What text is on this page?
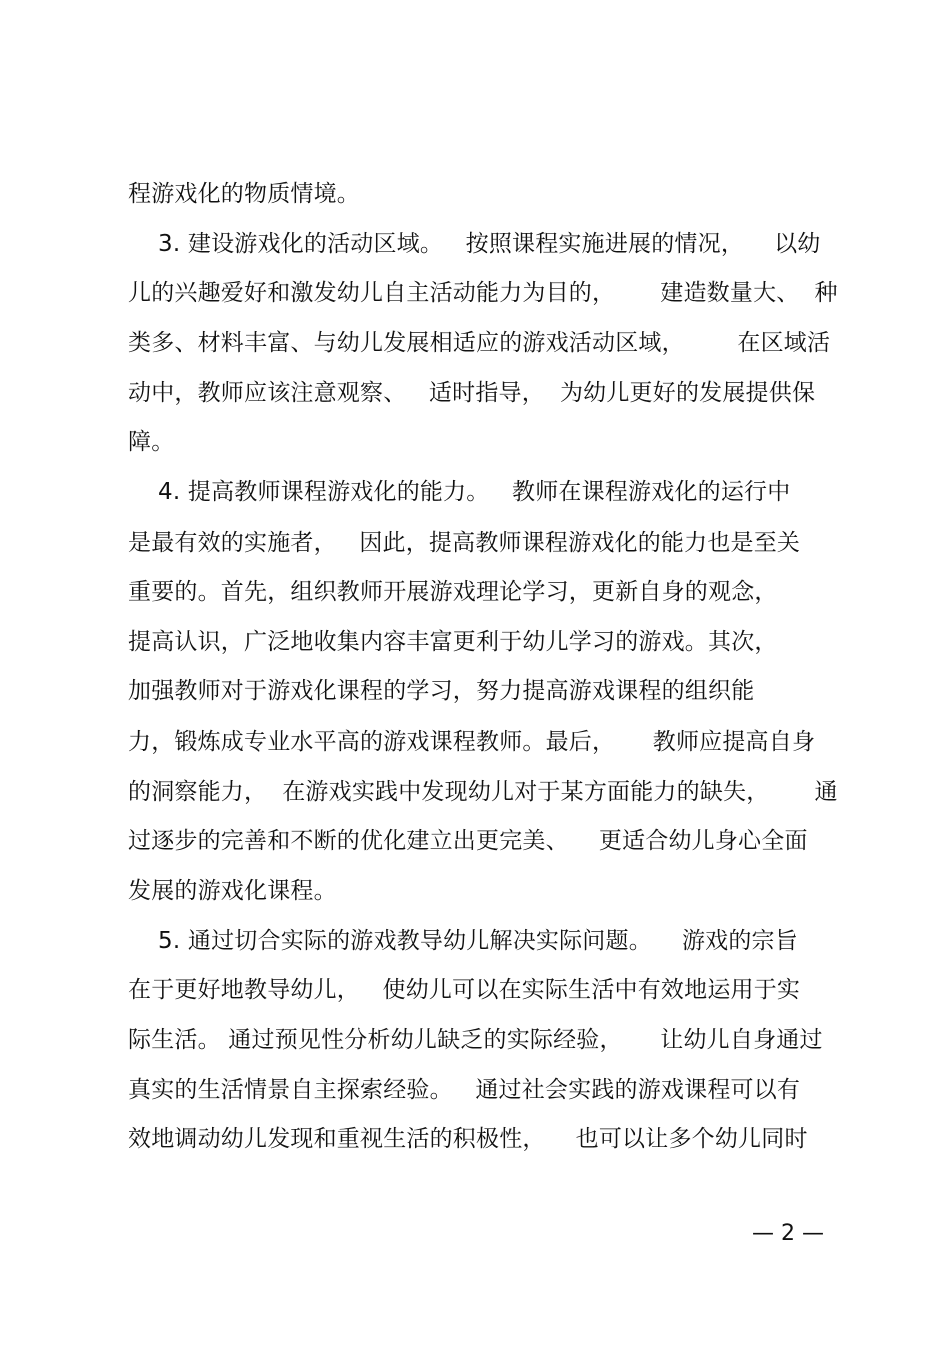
程游戏化的物质情境。
3. 建设游戏化的活动区域。   按照课程实施进展的情况，    以幼
儿的兴趣爱好和激发幼儿自主活动能力为目的，      建造数量大、  种
类多、材料丰富、与幼儿发展相适应的游戏活动区域，       在区域活
动中，教师应该注意观察、   适时指导，  为幼儿更好的发展提供保
障。
4. 提高教师课程游戏化的能力。   教师在课程游戏化的运行中
是最有效的实施者，   因此，提高教师课程游戏化的能力也是至关
重要的。首先，组织教师开展游戏理论学习，更新自身的观念，
提高认识，广泛地收集内容丰富更利于幼儿学习的游戏。其次，
加强教师对于游戏化课程的学习，努力提高游戏课程的组织能
力，锻炼成专业水平高的游戏课程教师。最后，     教师应提高自身
的洞察能力，  在游戏实践中发现幼儿对于某方面能力的缺失，      通
过逐步的完善和不断的优化建立出更完美、    更适合幼儿身心全面
发展的游戏化课程。
5. 通过切合实际的游戏教导幼儿解决实际问题。    游戏的宗旨
在于更好地教导幼儿，   使幼儿可以在实际生活中有效地运用于实
际生活。 通过预见性分析幼儿缺乏的实际经验，     让幼儿自身通过
真实的生活情景自主探索经验。   通过社会实践的游戏课程可以有
效地调动幼儿发现和重视生活的积极性，    也可以让多个幼儿同时
— 2 —
